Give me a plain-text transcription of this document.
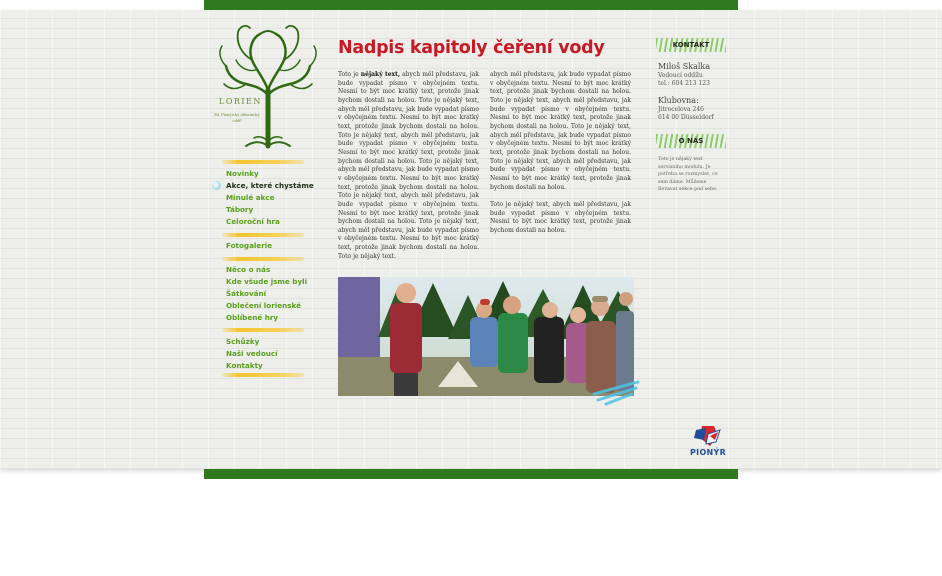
LORIEN
84. Pionýrský tábornický oddíl
Novinky
Akce, které chystáme
Minulé akce
Tábory
Celoroční hra
Fotogalerie
Něco o nás
Kde všude jsme byli
Šátkování
Oblečení lorienské
Oblíbené hry
Schůzky
Naši vedoucí
Kontakty
Nadpis kapitoly čeření vody

Toto je nějaký text, abych měl představu, jak bude vypadat písmo v obyčejném textu. Nesmí to být moc krátký text, protože jinak bychom dostali na holou. Toto je nějaký text, abych měl představu, jak bude vypadat písmo v obyčejném textu. Nesmí to být moc krátký text, protože jinak bychom dostali na holou. Toto je nějaký text, abych měl představu, jak bude vypadat písmo v obyčejném textu. Nesmí to být moc krátký text, protože jinak bychom dostali na holou. Toto je nějaký text, abych měl představu, jak bude vypadat písmo v obyčejném textu. Nesmí to být moc krátký text, protože jinak bychom dostali na holou. Toto je nějaký text, abych měl představu, jak bude vypadat písmo v obyčejném textu. Nesmí to být moc krátký text, protože jinak bychom dostali na holou. Toto je nějaký text, abych měl představu, jak bude vypadat písmo v obyčejném textu. Nesmí to být moc krátký text, protože jinak bychom dostali na holou. Toto je nějaký text.

abych měl představu, jak bude vypadat písmo v obyčejném textu. Nesmí to být moc krátký text, protože jinak bychom dostali na holou. Toto je nějaký text, abych měl představu, jak bude vypadat písmo v obyčejném textu. Nesmí to být moc krátký text, protože jinak bychom dostali na holou. Toto je nějaký text, abych měl představu, jak bude vypadat písmo v obyčejném textu. Nesmí to být moc krátký text, protože jinak bychom dostali na holou. Toto je nějaký text, abych měl představu, jak bude vypadat písmo v obyčejném textu. Nesmí to být moc krátký text, protože jinak bychom dostali na holou.

Toto je nějaký text, abych měl představu, jak bude vypadat písmo v obyčejném textu. Nesmí to být moc krátký text, protože jinak bychom dostali na holou.

KONTAKT
Miloš Skalka
Vedoucí oddílu
tel.: 604 213 123
Klubovna:
Jitrocelova 246
614 00 Düsseldorf
O NÁS
Toto je nějaký text servisního modulu. Je potřeba se rozmyslet, co sem dáme. Můžeme Ilovavat sekce pod sebe.
PIONÝR
